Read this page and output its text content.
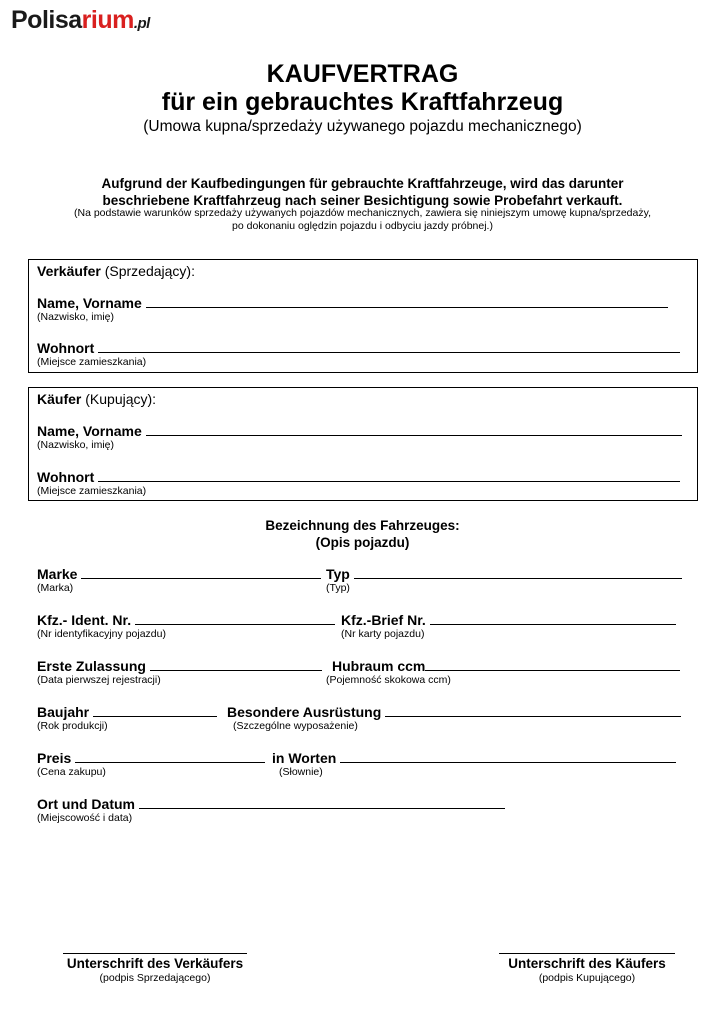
Polisarium.pl
KAUFVERTRAG
für ein gebrauchtes Kraftfahrzeug
(Umowa kupna/sprzedaży używanego pojazdu mechanicznego)
Aufgrund der Kaufbedingungen für gebrauchte Kraftfahrzeuge, wird das darunter
beschriebene Kraftfahrzeug nach seiner Besichtigung sowie Probefahrt verkauft.
(Na podstawie warunków sprzedaży używanych pojazdów mechanicznych, zawiera się niniejszym umowę kupna/sprzedaży,
po dokonaniu oględzin pojazdu i odbyciu jazdy próbnej.)
Verkäufer (Sprzedający):
Name, Vorname
(Nazwisko, imię)
Wohnort
(Miejsce zamieszkania)
Käufer (Kupujący):
Name, Vorname
(Nazwisko, imię)
Wohnort
(Miejsce zamieszkania)
Bezeichnung des Fahrzeuges:
(Opis pojazdu)
Marke	Typ
(Marka)	(Typ)
Kfz.- Ident. Nr.	Kfz.-Brief Nr.
(Nr identyfikacyjny pojazdu)	(Nr karty pojazdu)
Erste Zulassung	Hubraum ccm
(Data pierwszej rejestracji)	(Pojemność skokowa ccm)
Baujahr	Besondere Ausrüstung
(Rok produkcji)	(Szczególne wyposażenie)
Preis	in Worten
(Cena zakupu)	(Słownie)
Ort und Datum
(Miejscowość i data)
Unterschrift des Verkäufers
(podpis Sprzedającego)
Unterschrift des Käufers
(podpis Kupującego)
